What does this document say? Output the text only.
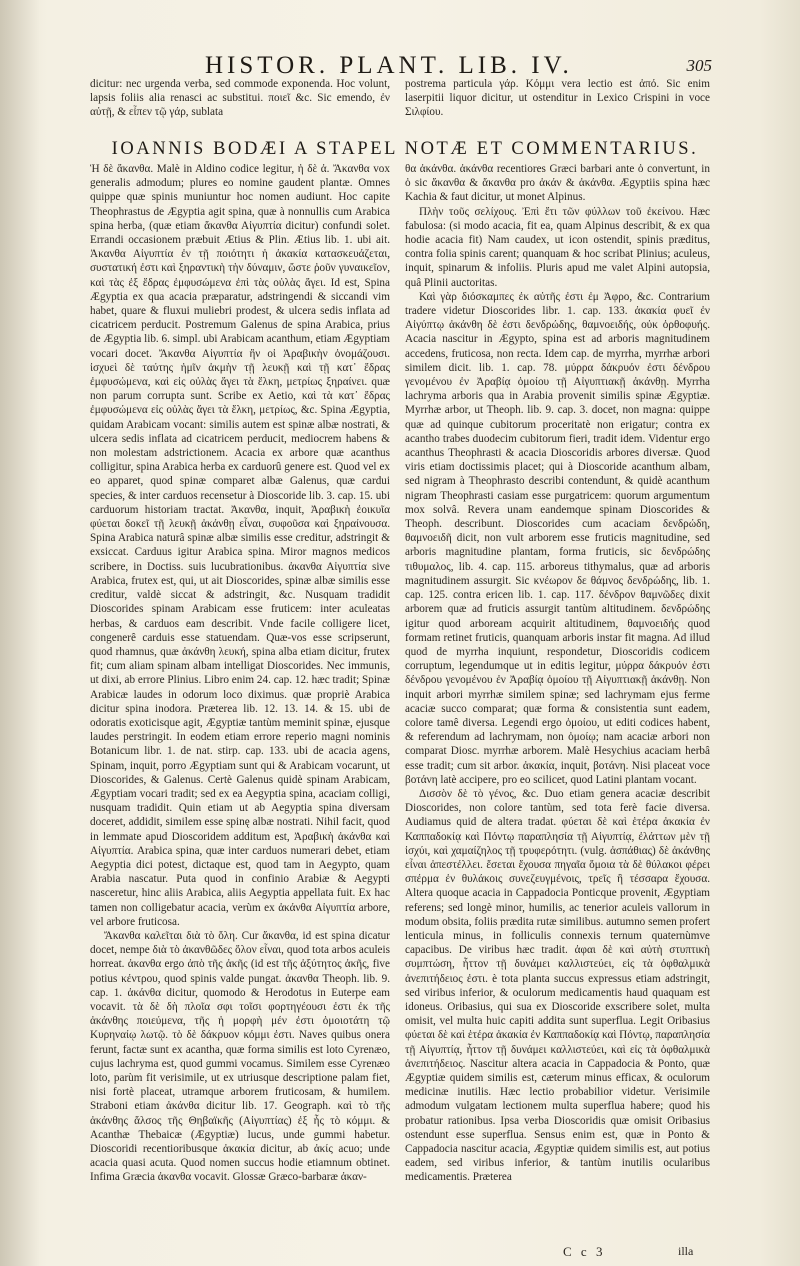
HISTOR. PLANT. LIB. IV.	305

dicitur: nec urgenda verba, sed commode exponenda. Hoc volunt, lapsis foliis alia renasci ac substitui. ποιεῖ &c. Sic emendo, ἐν αὐτῇ, & εἶπεν τῷ γάρ, sublata

postrema particula γάρ. Κόμμι vera lectio est ἀπό. Sic enim laserpitii liquor dicitur, ut ostenditur in Lexico Crispini in voce Σιλφίου.

IOANNIS BODÆI A STAPEL NOTÆ ET COMMENTARIUS.

Ἡ δὲ ἄκανθα. Malè in Aldino codice legitur, ἡ δὲ ἀ. Ἄκανθα vox generalis admodum; plures eo nomine gaudent plantæ. Omnes quippe quæ spinis muniuntur hoc nomen audiunt. Hoc capite Theophrastus de Ægyptia agit spina, quæ à nonnullis cum Arabica spina herba, (quæ etiam ἄκανθα Αἰγυπτία dicitur) confundi solet. Errandi occasionem præbuit Ætius & Plin. Ætius lib. 1. ubi ait. Ἀκανθα Αἰγυπτία ἐν τῇ ποιότητι ἡ ἀκακία κατασκευάζεται, συστατική ἐστι καὶ ξηραντικὴ τὴν δύναμιν, ὥστε ῥοῦν γυναικεῖον, καὶ τὰς ἐξ ἕδρας ἐμφυσώμενα ἐπὶ τὰς οὐλὰς ἄγει. Id est, Spina Ægyptia ex qua acacia præparatur, adstringendi & siccandi vim habet, quare & fluxui muliebri prodest, & ulcera sedis inflata ad cicatricem perducit. Postremum Galenus de spina Arabica, prius de Ægyptia lib. 6. simpl. ubi Arabicam acanthum, etiam Ægyptiam vocari docet. Ἄκανθα Αἰγυπτία ἣν οἱ Ἀραβικὴν ὀνομάζουσι. ἰσχυεὶ δὲ ταύτης ἡμῖν ἀκμὴν τῇ λευκῇ καὶ τῇ κατ᾽ ἕδρας ἐμφυσώμενα, καὶ εἰς οὐλὰς ἄγει τὰ ἕλκη, μετρίως ξηραίνει. quæ non parum corrupta sunt. Scribe ex Aetio, καὶ τὰ κατ᾽ ἕδρας ἐμφυσώμενα εἰς οὐλὰς ἄγει τὰ ἕλκη, μετρίως, &c. Spina Ægyptia, quidam Arabicam vocant: similis autem est spinæ albæ nostrati, & ulcera sedis inflata ad cicatricem perducit, mediocrem habens & non molestam adstrictionem. Acacia ex arbore quæ acanthus colligitur, spina Arabica herba ex carduorû genere est. Quod vel ex eo apparet, quod spinæ comparet albæ Galenus, quæ cardui species, & inter carduos recensetur à Dioscoride lib. 3. cap. 15. ubi carduorum historiam tractat. Ἀκανθα, inquit, Ἀραβικὴ ἐοικυῖα φύεται δοκεῖ τῇ λευκῇ ἀκάνθῃ εἶναι, συφοῦσα καὶ ξηραίνουσα. Spina Arabica naturâ spinæ albæ similis esse creditur, adstringit & exsiccat. Carduus igitur Arabica spina. Miror magnos medicos scribere, in Doctiss. suis lucubrationibus. ἀκανθα Αἰγυπτία sive Arabica, frutex est, qui, ut ait Dioscorides, spinæ albæ similis esse creditur, valdè siccat & adstringit, &c. Nusquam tradidit Dioscorides spinam Arabicam esse fruticem: inter aculeatas herbas, & carduos eam describit. Vnde facile colligere licet, congenerê carduis esse statuendam. Quæ-vos esse scripserunt, quod rhamnus, quæ ἀκάνθη λευκή, spina alba etiam dicitur, frutex fit; cum aliam spinam albam intelligat Dioscorides. Nec immunis, ut dixi, ab errore Plinius. Libro enim 24. cap. 12. hæc tradit; Spinæ Arabicæ laudes in odorum loco diximus. quæ propriè Arabica dicitur spina inodora. Præterea lib. 12. 13. 14. & 15. ubi de odoratis exoticisque agit, Ægyptiæ tantùm meminit spinæ, ejusque laudes perstringit. In eodem etiam errore reperio magni nominis Botanicum libr. 1. de nat. stirp. cap. 133. ubi de acacia agens, Spinam, inquit, porro Ægyptiam sunt qui & Arabicam vocarunt, ut Dioscorides, & Galenus. Certè Galenus quidè spinam Arabicam, Ægyptiam vocari tradit; sed ex ea Aegyptia spina, acaciam colligi, nusquam tradidit. Quin etiam ut ab Aegyptia spina diversam doceret, addidit, similem esse spinę albæ nostrati. Nihil facit, quod in lemmate apud Dioscoridem additum est, Ἀραβικὴ ἀκάνθα καὶ Αἰγυπτία. Arabica spina, quæ inter carduos numerari debet, etiam Aegyptia dici potest, dictaque est, quod tam in Aegypto, quam Arabia nascatur. Puta quod in confinio Arabiæ & Aegypti nasceretur, hinc aliis Arabica, aliis Aegyptia appellata fuit. Ex hac tamen non colligebatur acacia, verùm ex ἀκάνθα Αἰγυπτία arbore, vel arbore fruticosa.

Ἄκανθα καλεῖται διὰ τὸ ὅλη. Cur ἄκανθα, id est spina dicatur docet, nempe διὰ τὸ ἀκανθῶδες ὅλον εἶναι, quod tota arbos aculeis horreat. ἀκανθα ergo ἀπὸ τῆς ἀκῆς (id est τῆς ἀξύτητος ἀκῆς, five potius κέντρου, quod spinis valde pungat. ἀκανθα Theoph. lib. 9. cap. 1. ἀκάνθα dicitur, quomodo & Herodotus in Euterpe eam vocavit. τὰ δὲ δὴ πλοῖα σφι τοῖσι φορτηγέουσι ἐστι ἐκ τῆς ἀκάνθης ποιεύμενα, τῆς ἡ μορφὴ μέν ἐστι ὁμοιοτάτη τῷ Κυρηναίῳ λωτῷ. τὸ δὲ δάκρυον κόμμι ἐστι. Naves quibus onera ferunt, factæ sunt ex acantha, quæ forma similis est loto Cyrenæo, cujus lachryma est, quod gummi vocamus. Similem esse Cyrenæo loto, parùm fit verisimile, ut ex utriusque descriptione palam fiet, nisi fortè placeat, utramque arborem fruticosam, & humilem. Straboni etiam ἀκάνθα dicitur lib. 17. Geograph. καὶ τὸ τῆς ἀκάνθης ἄλσος τῆς Θηβαϊκῆς (Αἰγυπτίας) ἐξ ἧς τὸ κόμμι. & Acanthæ Thebaicæ (Ægyptiæ) lucus, unde gummi habetur. Dioscoridi recentioribusque ἀκακία dicitur, ab ἀκίς acuo; unde acacia quasi acuta. Quod nomen succus hodie etiamnum obtinet. Infima Græcia ἀκανθα vocavit. Glossæ Græco-barbaræ ἀκαν-

θα ἀκάνθα. ἀκάνθα recentiores Græci barbari ante ὁ convertunt, in ὁ sic ἄκανθα & ἄκανθα pro ἀκάν & ἀκάνθα. Ægyptiis spina hæc Kachia & faut dicitur, ut monet Alpinus.

Πλὴν τοῦς σελίχους. Ἐπὶ ἔτι τῶν φύλλων τοῦ ἐκείνου. Hæc fabulosa: (si modo acacia, fit ea, quam Alpinus describit, & ex qua hodie acacia fit) Nam caudex, ut icon ostendit, spinis præditus, contra folia spinis carent; quanquam & hoc scribat Plinius; aculeus, inquit, spinarum & infoliis. Pluris apud me valet Alpini autopsia, quâ Plinii auctoritas.

Καὶ γὰρ διόσκαμπες ἐκ αὐτῆς ἐστι ἐμ Ἀφρο, &c. Contrarium tradere videtur Dioscorides libr. 1. cap. 133. ἀκακία φυεῖ ἐν Αἰγύπτῳ ἀκάνθη δὲ ἐστι δενδρώδης, θαμνοειδής, οὐκ ὀρθοφυής. Acacia nascitur in Ægypto, spina est ad arboris magnitudinem accedens, fruticosa, non recta. Idem cap. de myrrha, myrrhæ arbori similem dicit. lib. 1. cap. 78. μύρρα δάκρυόν ἐστι δένδρου γενομένου ἐν Ἀραβίᾳ ὁμοίου τῇ Αἰγυπτιακῇ ἀκάνθῃ. Myrrha lachryma arboris qua in Arabia provenit similis spinæ Ægyptiæ. Myrrhæ arbor, ut Theoph. lib. 9. cap. 3. docet, non magna: quippe quæ ad quinque cubitorum proceritatè non erigatur; contra ex acantho trabes duodecim cubitorum fieri, tradit idem. Videntur ergo acanthus Theophrasti & acacia Dioscoridis arbores diversæ. Quod viris etiam doctissimis placet; qui à Dioscoride acanthum albam, sed nigram à Theophrasto describi contendunt, & quidè acanthum nigram Theophrasti casiam esse purgatricem: quorum argumentum mox solvâ. Revera unam eandemque spinam Dioscorides & Theoph. describunt. Dioscorides cum acaciam δενδρώδη, θαμνοειδῆ dicit, non vult arborem esse fruticis magnitudine, sed arboris magnitudine plantam, forma fruticis, sic δενδρώδης τιθυμαλος, lib. 4. cap. 115. arboreus tithymalus, quæ ad arboris magnitudinem assurgit. Sic κνέωρον δε θάμνος δενδρώδης, lib. 1. cap. 125. contra ericen lib. 1. cap. 117. δένδρον θαμνῶδες dixit arborem quæ ad fruticis assurgit tantùm altitudinem. δενδρώδης igitur quod arboream acquirit altitudinem, θαμνοειδής quod formam retinet fruticis, quanquam arboris instar fit magna. Ad illud quod de myrrha inquiunt, respondetur, Dioscoridis codicem corruptum, legendumque ut in editis legitur, μύρρα δάκρυόν ἐστι δένδρου γενομένου ἐν Ἀραβίᾳ ὁμοίου τῇ Αἰγυπτιακῇ ἀκάνθῃ. Non inquit arbori myrrhæ similem spinæ; sed lachrymam ejus ferme acaciæ succo comparat; quæ forma & consistentia sunt eadem, colore tamê diversa. Legendi ergo ὁμοίου, ut editi codices habent, & referendum ad lachrymam, non ὁμοίῳ; nam acaciæ arbori non comparat Diosc. myrrhæ arborem. Malè Hesychius acaciam herbâ esse tradit; cum sit arbor. ἀκακία, inquit, βοτάνη. Nisi placeat voce βοτάνη latè accipere, pro eo scilicet, quod Latini plantam vocant.

Δισσὸν δὲ τὸ γένος, &c. Duo etiam genera acaciæ describit Dioscorides, non colore tantùm, sed tota ferè facie diversa. Audiamus quid de altera tradat. φύεται δὲ καὶ ἑτέρα ἀκακία ἐν Καππαδοκίᾳ καὶ Πόντῳ παραπλησία τῇ Αἰγυπτίᾳ, ἐλάττων μὲν τῇ ἰσχύι, καὶ χαμαίζηλος τῇ τρυφερότητι. (vulg. ἀσπάθιας) δὲ ἀκάνθης εἶναι ἀπεστέλλει. ἔσεται ἔχουσα πηγαῖα ὅμοια τὰ δὲ θύλακοι φέρει σπέρμα ἐν θυλάκοις συνεζευγμένοις, τρεῖς ἢ τέσσαρα ἔχουσα. Altera quoque acacia in Cappadocia Ponticque provenit, Ægyptiam referens; sed longè minor, humilis, ac tenerior aculeis vallorum in modum obsita, foliis prædita rutæ similibus. autumno semen profert lenticula minus, in folliculis connexis ternum quaternùmve capacibus. De viribus hæc tradit. ἀφαι δὲ καὶ αὐτὴ στυπτικὴ συμπτώση, ἧττον τῇ δυνάμει καλλιστεύει, εἰς τὰ ὀφθαλμικὰ ἀνεπιτήδειος ἐστι. è tota planta succus expressus etiam adstringit, sed viribus inferior, & oculorum medicamentis haud quaquam est idoneus. Oribasius, qui sua ex Dioscoride exscribere solet, multa omisit, vel multa huic capiti addita sunt superflua. Legit Oribasius φύεται δὲ καὶ ἑτέρα ἀκακία ἐν Καππαδοκίᾳ καὶ Πόντῳ, παραπλησία τῇ Αἰγυπτίᾳ, ἧττον τῇ δυνάμει καλλιστεύει, καὶ εἰς τὰ ὀφθαλμικὰ ἀνεπιτήδειος. Nascitur altera acacia in Cappadocia & Ponto, quæ Ægyptiæ quidem similis est, cæterum minus efficax, & oculorum medicinæ inutilis. Hæc lectio probabilior videtur. Verisimile admodum vulgatam lectionem multa superflua habere; quod his probatur rationibus. Ipsa verba Dioscoridis quæ omisit Oribasius ostendunt esse superflua. Sensus enim est, quæ in Ponto & Cappadocia nascitur acacia, Ægyptiæ quidem similis est, aut potius eadem, sed viribus inferior, & tantùm inutilis ocularibus medicamentis. Præterea

C c 3	illa
